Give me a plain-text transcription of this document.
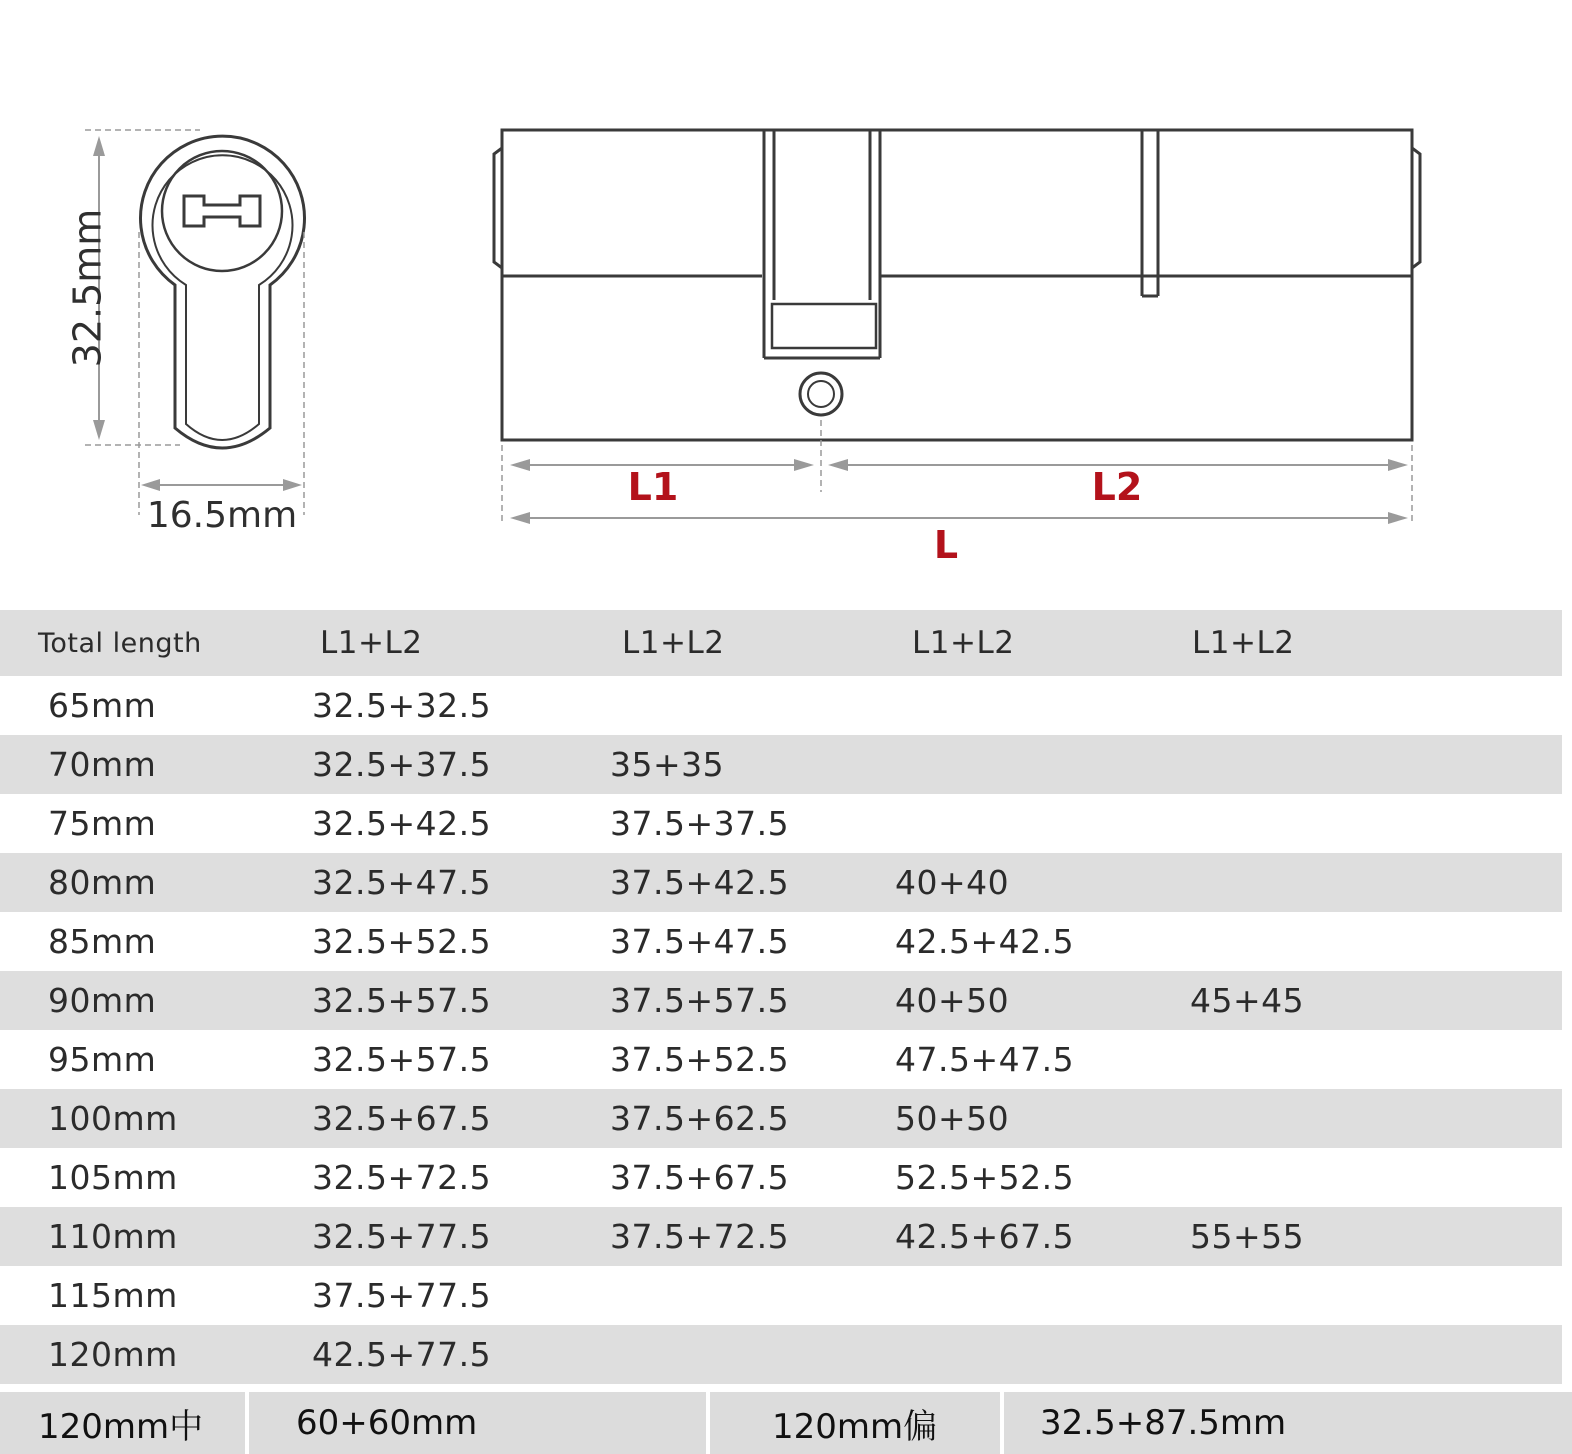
32.5mm
16.5mm
L1	L2
L
Total length	L1+L2	L1+L2	L1+L2	L1+L2
65mm	32.5+32.5
70mm	32.5+37.5	35+35
75mm	32.5+42.5	37.5+37.5
80mm	32.5+47.5	37.5+42.5	40+40
85mm	32.5+52.5	37.5+47.5	42.5+42.5
90mm	32.5+57.5	37.5+57.5	40+50	45+45
95mm	32.5+57.5	37.5+52.5	47.5+47.5
100mm	32.5+67.5	37.5+62.5	50+50
105mm	32.5+72.5	37.5+67.5	52.5+52.5
110mm	32.5+77.5	37.5+72.5	42.5+67.5	55+55
115mm	37.5+77.5
120mm	42.5+77.5
120mm中	60+60mm	120mm偏	32.5+87.5mm
